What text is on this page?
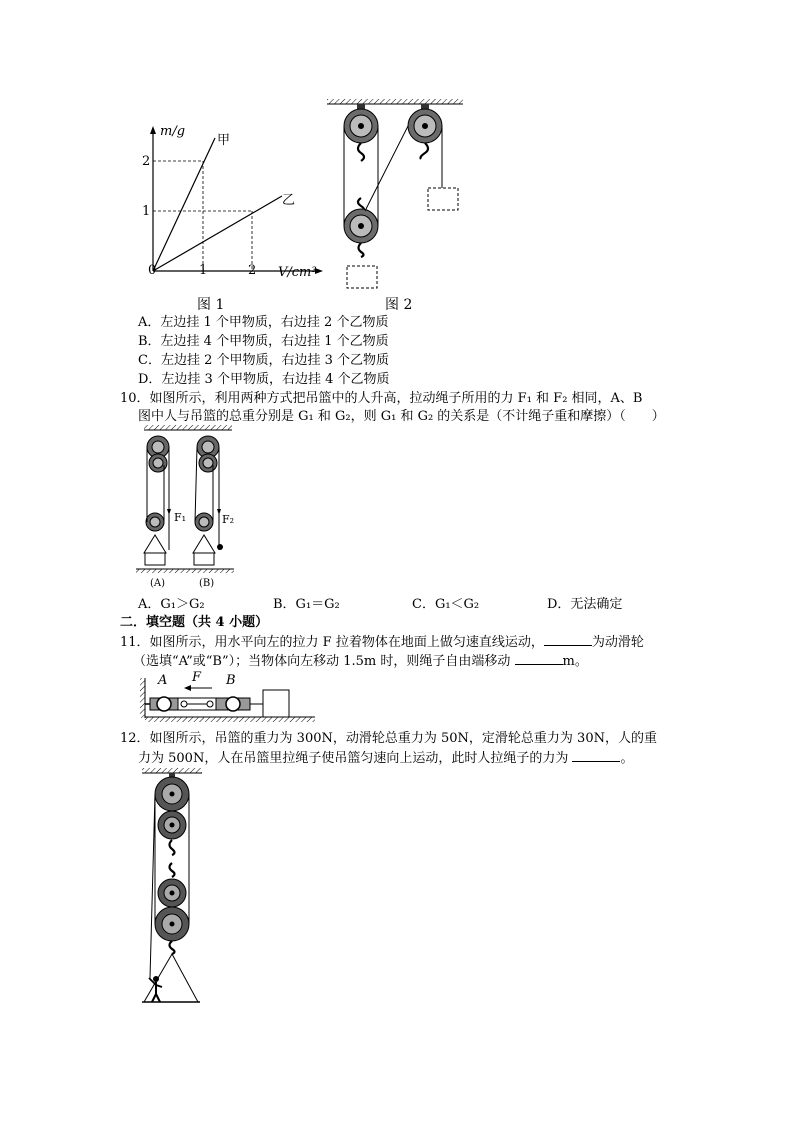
m/g
V/cm³
0	1	2
2
1
甲
乙
图 1	图 2
A．左边挂 1 个甲物质，右边挂 2 个乙物质
B．左边挂 4 个甲物质，右边挂 1 个乙物质
C．左边挂 2 个甲物质，右边挂 3 个乙物质
D．左边挂 3 个甲物质，右边挂 4 个乙物质
10．如图所示，利用两种方式把吊篮中的人升高，拉动绳子所用的力 F₁ 和 F₂ 相同，A、B
图中人与吊篮的总重分别是 G₁ 和 G₂，则 G₁ 和 G₂ 的关系是（不计绳子重和摩擦）（　　）
F₁	F₂
(A)	(B)
A．G₁＞G₂	B．G₁＝G₂	C．G₁＜G₂	D．无法确定
二．填空题（共 4 小题）
11．如图所示，用水平向左的拉力 F 拉着物体在地面上做匀速直线运动，	为动滑轮
（选填“A”或“B”）；当物体向左移动 1.5m 时，则绳子自由端移动	m。
A F B
12．如图所示，吊篮的重力为 300N，动滑轮总重力为 50N，定滑轮总重力为 30N，人的重
力为 500N，人在吊篮里拉绳子使吊篮匀速向上运动，此时人拉绳子的力为	。
